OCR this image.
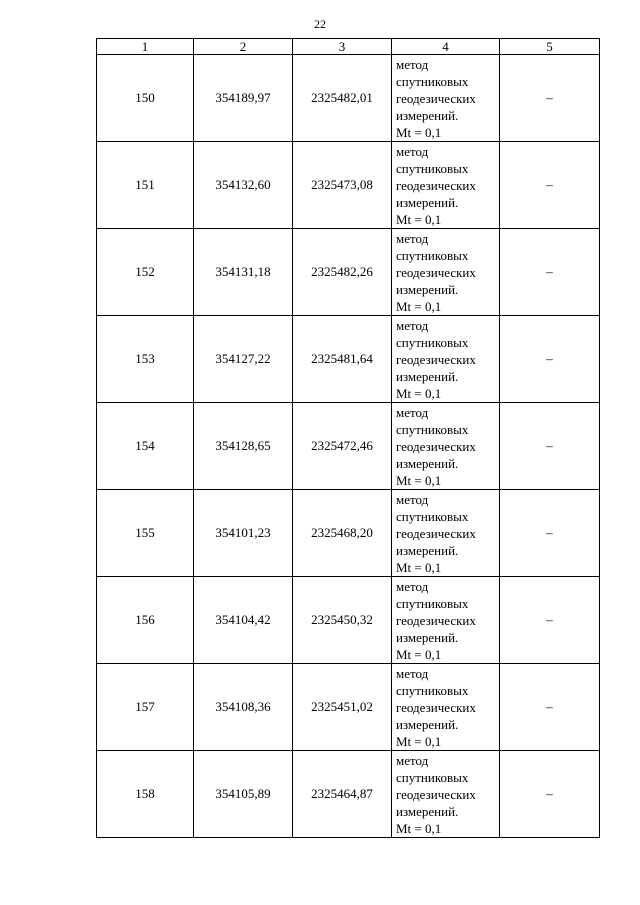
22
1	2	3	4	5
150	354189,97	2325482,01	метод
спутниковых
геодезических
измерений.
Mt = 0,1	–
151	354132,60	2325473,08	метод
спутниковых
геодезических
измерений.
Mt = 0,1	–
152	354131,18	2325482,26	метод
спутниковых
геодезических
измерений.
Mt = 0,1	–
153	354127,22	2325481,64	метод
спутниковых
геодезических
измерений.
Mt = 0,1	–
154	354128,65	2325472,46	метод
спутниковых
геодезических
измерений.
Mt = 0,1	–
155	354101,23	2325468,20	метод
спутниковых
геодезических
измерений.
Mt = 0,1	–
156	354104,42	2325450,32	метод
спутниковых
геодезических
измерений.
Mt = 0,1	–
157	354108,36	2325451,02	метод
спутниковых
геодезических
измерений.
Mt = 0,1	–
158	354105,89	2325464,87	метод
спутниковых
геодезических
измерений.
Mt = 0,1	–
